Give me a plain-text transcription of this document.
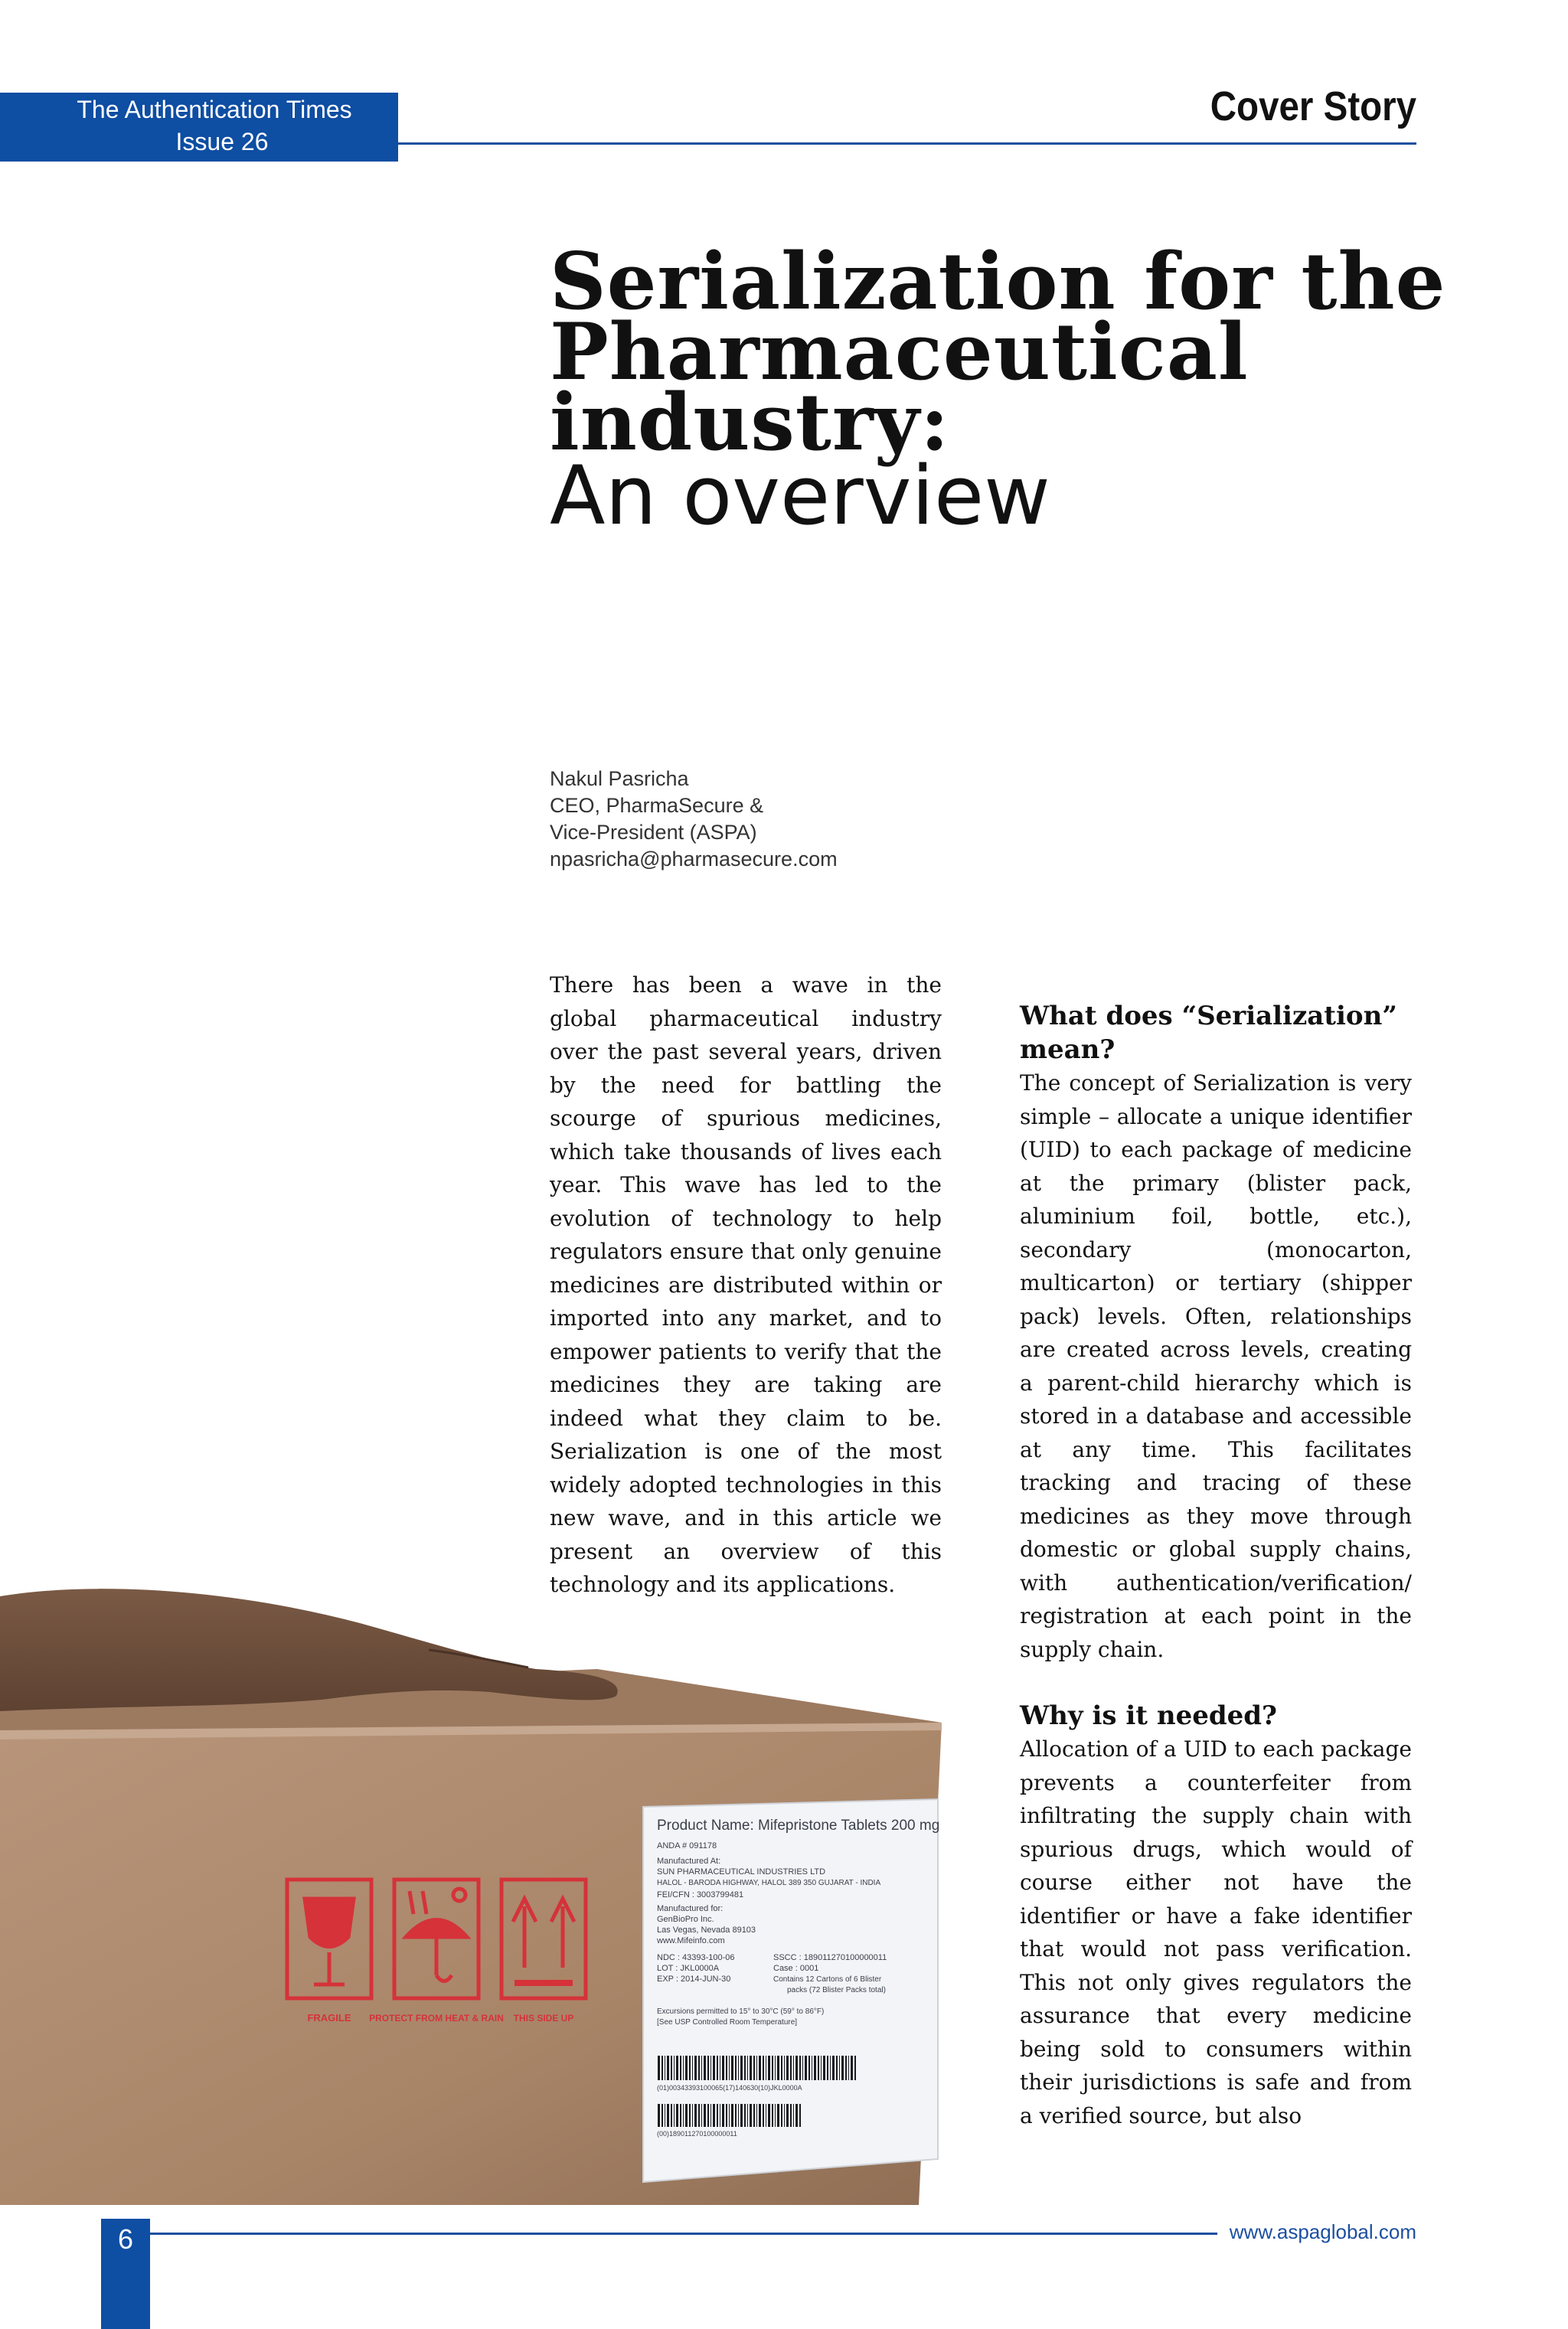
The Authentication Times
Issue 26
Cover Story
Serialization for the
Pharmaceutical
industry:
An overview
Nakul Pasricha
CEO, PharmaSecure &
Vice-President (ASPA)
npasricha@pharmasecure.com

There has been a wave in the global pharmaceutical industry over the past several years, driven by the need for battling the scourge of spurious medicines, which take thousands of lives each year. This wave has led to the evolution of technology to help regulators ensure that only genuine medicines are distributed within or imported into any market, and to empower patients to verify that the medicines they are taking are indeed what they claim to be. Serialization is one of the most widely adopted technologies in this new wave, and in this article we present an overview of this technology and its applications.

What does “Serialization” mean?

The concept of Serialization is very simple – allocate a unique identifier (UID) to each package of medicine at the primary (blister pack, aluminium foil, bottle, etc.), secondary (monocarton, multicarton) or tertiary (shipper pack) levels. Often, relationships are created across levels, creating a parent-child hierarchy which is stored in a database and accessible at any time. This facilitates tracking and tracing of these medicines as they move through domestic or global supply chains, with authentication/verification/ registration at each point in the supply chain.

Why is it needed?

Allocation of a UID to each package prevents a counterfeiter from infiltrating the supply chain with spurious drugs, which would of course either not have the identifier or have a fake identifier that would not pass verification. This not only gives regulators the assurance that every medicine being sold to consumers within their jurisdictions is safe and from a verified source, but also

FRAGILE PROTECT FROM HEAT & RAIN THIS SIDE UP
Product Name: Mifepristone Tablets 200 mg
ANDA # 091178
Manufactured At:
SUN PHARMACEUTICAL INDUSTRIES LTD
HALOL - BARODA HIGHWAY, HALOL 389 350 GUJARAT - INDIA
FEI/CFN : 3003799481
Manufactured for:
GenBioPro Inc.
Las Vegas, Nevada 89103
www.Mifeinfo.com
NDC : 43393-100-06
LOT : JKL0000A
EXP : 2014-JUN-30
SSCC : 189011270100000011
Case : 0001
Contains 12 Cartons of 6 Blister
packs (72 Blister Packs total)
Excursions permitted to 15° to 30°C (59° to 86°F)
[See USP Controlled Room Temperature]
(01)00343393100065(17)140630(10)JKL0000A
(00)189011270100000011
6	www.aspaglobal.com
